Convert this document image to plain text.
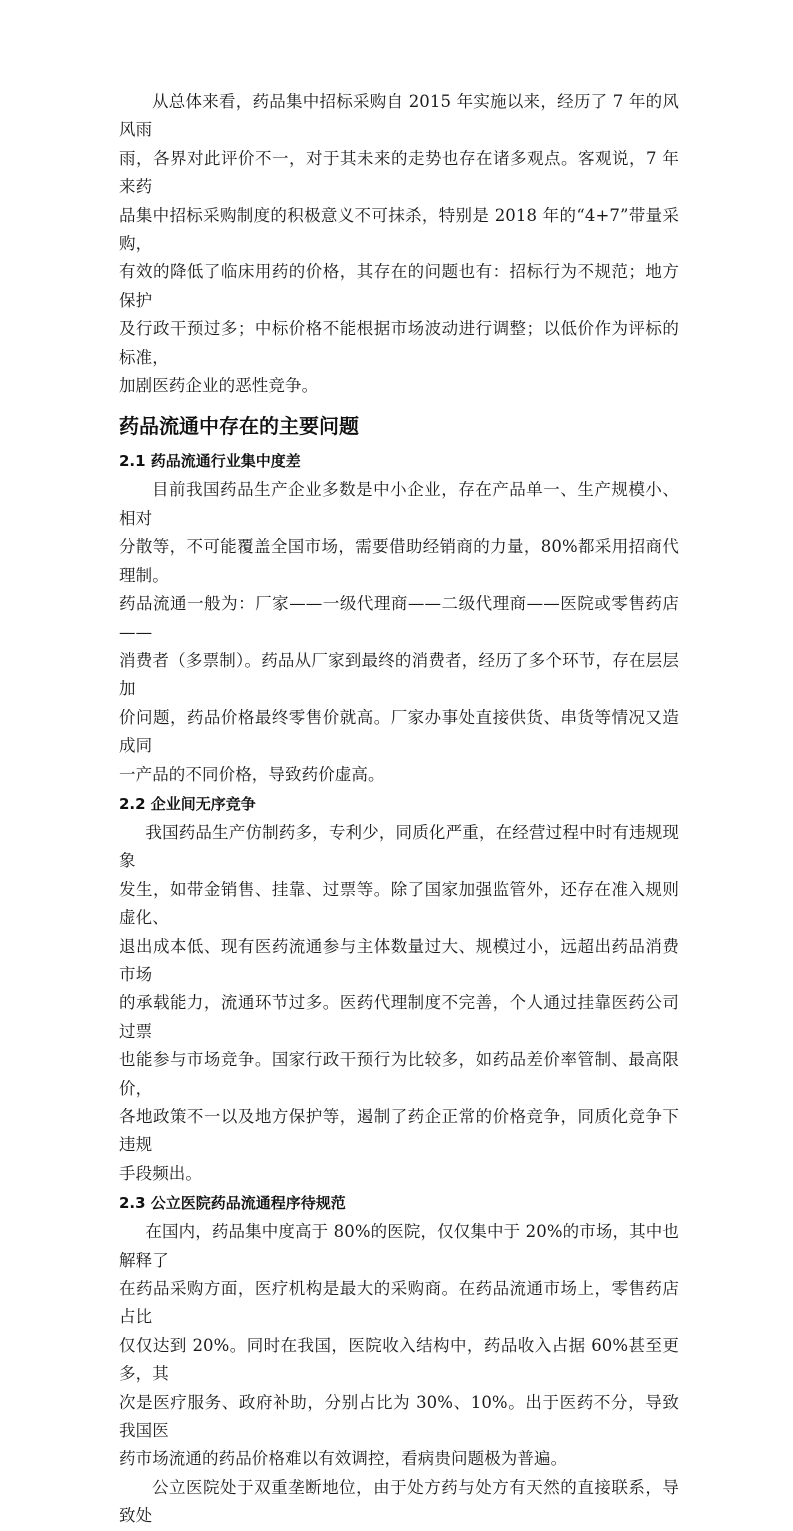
从总体来看，药品集中招标采购自 2015 年实施以来，经历了 7 年的风风雨
雨，各界对此评价不一，对于其未来的走势也存在诸多观点。客观说，7 年来药
品集中招标采购制度的积极意义不可抹杀，特别是 2018 年的“4+7”带量采购，
有效的降低了临床用药的价格，其存在的问题也有：招标行为不规范；地方保护
及行政干预过多；中标价格不能根据市场波动进行调整；以低价作为评标的标准，
加剧医药企业的恶性竞争。

药品流通中存在的主要问题
2.1 药品流通行业集中度差

目前我国药品生产企业多数是中小企业，存在产品单一、生产规模小、相对
分散等，不可能覆盖全国市场，需要借助经销商的力量，80%都采用招商代理制。
药品流通一般为：厂家——一级代理商——二级代理商——医院或零售药店——
消费者（多票制）。药品从厂家到最终的消费者，经历了多个环节，存在层层加
价问题，药品价格最终零售价就高。厂家办事处直接供货、串货等情况又造成同
一产品的不同价格，导致药价虚高。

2.2 企业间无序竞争

我国药品生产仿制药多，专利少，同质化严重，在经营过程中时有违规现象
发生，如带金销售、挂靠、过票等。除了国家加强监管外，还存在准入规则虚化、
退出成本低、现有医药流通参与主体数量过大、规模过小，远超出药品消费市场
的承载能力，流通环节过多。医药代理制度不完善，个人通过挂靠医药公司过票
也能参与市场竞争。国家行政干预行为比较多，如药品差价率管制、最高限价，
各地政策不一以及地方保护等，遏制了药企正常的价格竞争，同质化竞争下违规
手段频出。

2.3 公立医院药品流通程序待规范

在国内，药品集中度高于 80%的医院，仅仅集中于 20%的市场，其中也解释了
在药品采购方面，医疗机构是最大的采购商。在药品流通市场上，零售药店占比
仅仅达到 20%。同时在我国，医院收入结构中，药品收入占据 60%甚至更多，其
次是医疗服务、政府补助，分别占比为 30%、10%。出于医药不分，导致我国医
药市场流通的药品价格难以有效调控，看病贵问题极为普遍。

公立医院处于双重垄断地位，由于处方药与处方有天然的直接联系，导致处
